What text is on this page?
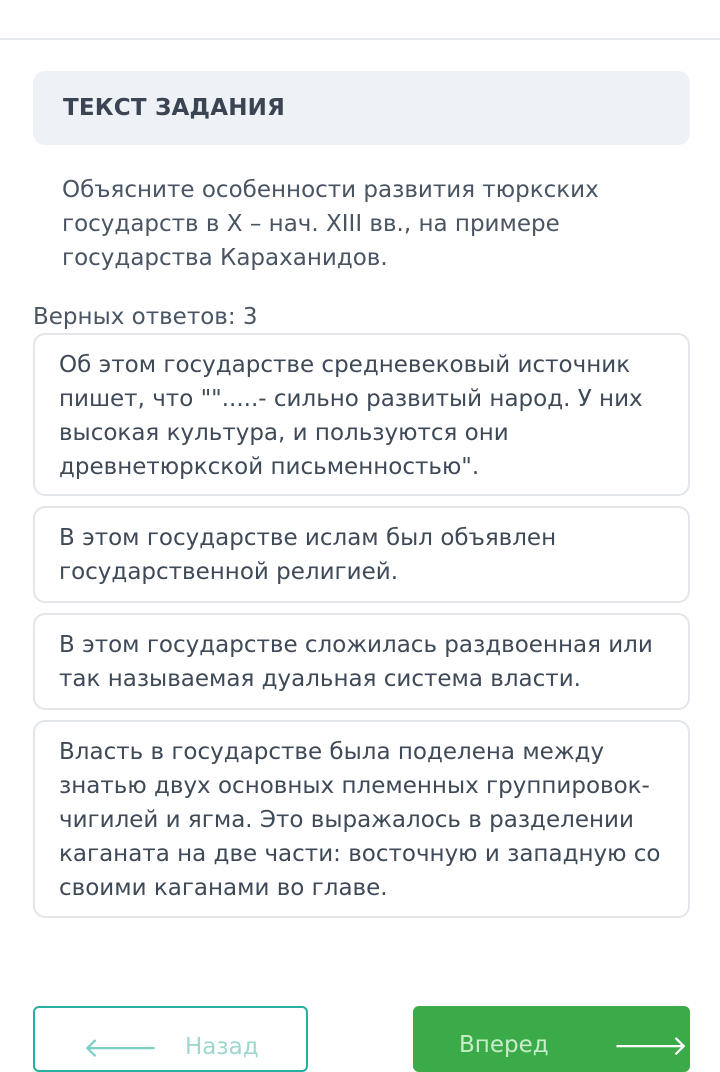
ТЕКСТ ЗАДАНИЯ

Объясните особенности развития тюркских
государств в X – нач. XIII вв., на примере
государства Караханидов.

Верных ответов: 3

Об этом государстве средневековый источник
пишет, что "".....- сильно развитый народ. У них
высокая культура, и пользуются они
древнетюркской письменностью".

В этом государстве ислам был объявлен
государственной религией.

В этом государстве сложилась раздвоенная или
так называемая дуальная система власти.

Власть в государстве была поделена между
знатью двух основных племенных группировок-
чигилей и ягма. Это выражалось в разделении
каганата на две части: восточную и западную со
своими каганами во главе.

🡐 Назад	Вперед 🡒
